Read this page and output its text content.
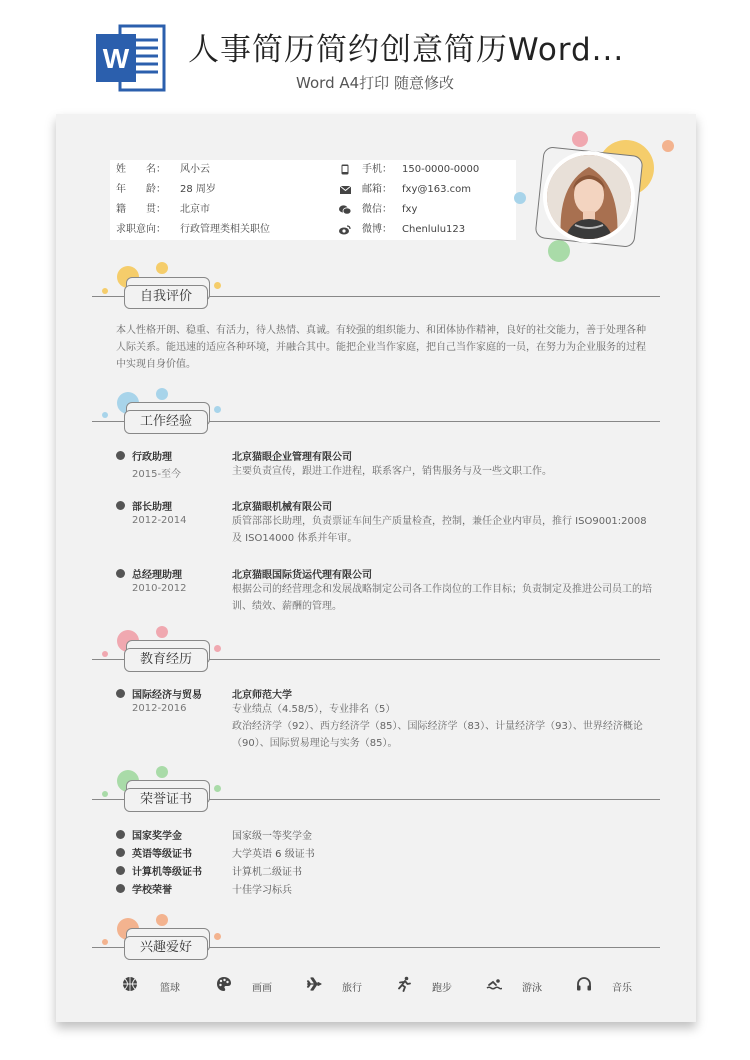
W 人事简历简约创意简历Word...
Word A4打印 随意修改
姓　　名：	风小云	手机： 150-0000-0000
年　　龄：	28 周岁	邮箱： fxy@163.com
籍　　贯：	北京市	微信： fxy
求职意向：	行政管理类相关职位	微博： Chenlulu123
自我评价
本人性格开朗、稳重、有活力，待人热情、真诚。有较强的组织能力、和团体协作精神，良好的社交能力，善于处理各种人际关系。能迅速的适应各种环境，并融合其中。能把企业当作家庭，把自己当作家庭的一员，在努力为企业服务的过程中实现自身价值。
工作经验
行政助理
2015-至今
北京猫眼企业管理有限公司
主要负责宣传，跟进工作进程，联系客户，销售服务与及一些文职工作。
部长助理
2012-2014
北京猫眼机械有限公司
质管部部长助理，负责票证车间生产质量检查，控制，兼任企业内审员，推行 ISO9001:2008 及 ISO14000 体系并年审。
总经理助理
2010-2012
北京猫眼国际货运代理有限公司
根据公司的经营理念和发展战略制定公司各工作岗位的工作目标；负责制定及推进公司员工的培训、绩效、薪酬的管理。
教育经历
国际经济与贸易
2012-2016
北京师范大学
专业绩点（4.58/5），专业排名（5）
政治经济学（92）、西方经济学（85）、国际经济学（83）、计量经济学（93）、世界经济概论（90）、国际贸易理论与实务（85）。
荣誉证书
国家奖学金	国家级一等奖学金
英语等级证书	大学英语 6 级证书
计算机等级证书	计算机二级证书
学校荣誉	十佳学习标兵
兴趣爱好
篮球	画画	旅行	跑步	游泳	音乐
